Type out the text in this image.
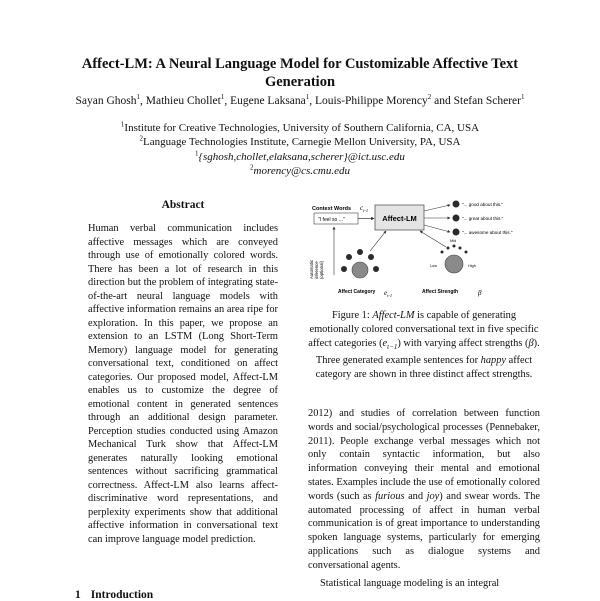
Affect-LM: A Neural Language Model for Customizable Affective Text Generation
Sayan Ghosh$^1$, Mathieu Chollet$^1$, Eugene Laksana$^1$, Louis-Philippe Morency$^2$ and Stefan Scherer$^1$
$^1$Institute for Creative Technologies, University of Southern California, CA, USA
$^2$Language Technologies Institute, Carnegie Mellon University, PA, USA
$^1${sghosh,chollet,elaksana,scherer}@ict.usc.edu
$^2$morency@cs.cmu.edu
Abstract

Human verbal communication includes affective messages which are conveyed through use of emotionally colored words. There has been a lot of research in this direction but the problem of integrating state-of-the-art neural language models with affective information remains an area ripe for exploration. In this paper, we propose an extension to an LSTM (Long Short-Term Memory) language model for generating conversational text, conditioned on affect categories. Our proposed model, Affect-LM enables us to customize the degree of emotional content in generated sentences through an additional design parameter. Perception studies conducted using Amazon Mechanical Turk show that Affect-LM generates naturally looking emotional sentences without sacrificing grammatical correctness. Affect-LM also learns affect-discriminative word representations, and perplexity experiments show that additional affective information in conversational text can improve language model prediction.

1 Introduction
Context Words
"I feel so ..."
$c_{t-1}$
Affect-LM
"... good about this."
"... great about this."
"... awesome about this."
Automatic inference (optional)
Affect Category $e_{t-1}$
Low
Mid
High
Affect Strength	β

Figure 1: Affect-LM is capable of generating emotionally colored conversational text in five specific affect categories $(e_{t-1})$ with varying affect strengths (β). Three generated example sentences for happy affect category are shown in three distinct affect strengths.

2012) and studies of correlation between function words and social/psychological processes (Pennebaker, 2011). People exchange verbal messages which not only contain syntactic information, but also information conveying their mental and emotional states. Examples include the use of emotionally colored words (such as furious and joy) and swear words. The automated processing of affect in human verbal communication is of great importance to understanding spoken language systems, particularly for emerging applications such as dialogue systems and conversational agents.

Statistical language modeling is an integral
